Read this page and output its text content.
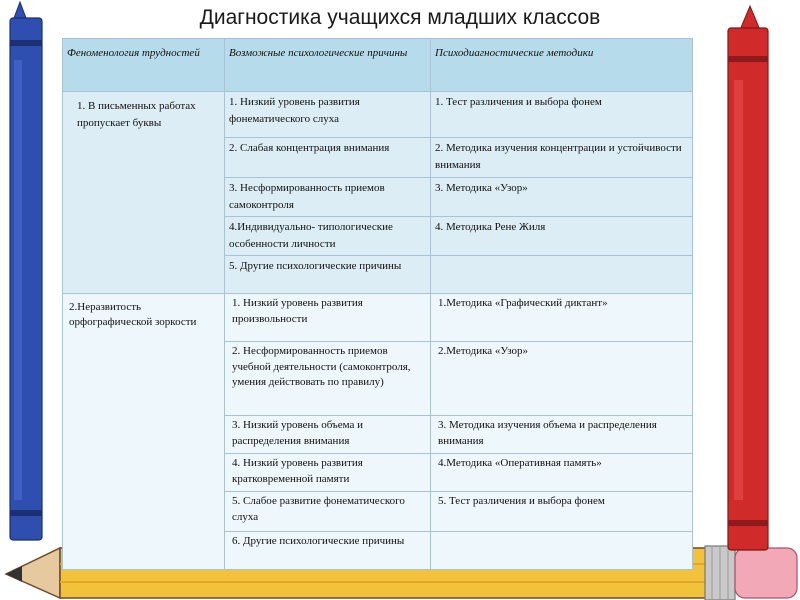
Диагностика учащихся младших классов
Феноменология трудностей	Возможные психологические причины	Психодиагностические методики
1. В письменных работах пропускает буквы	1. Низкий уровень развития фонематического слуха	1. Тест различения и выбора фонем
	2. Слабая концентрация внимания	2. Методика изучения концентрации и устойчивости внимания
	3. Несформированность приемов самоконтроля	3. Методика «Узор»
	4.Индивидуально- типологические особенности личности	4. Методика Рене Жиля
	5. Другие психологические причины	
2.Неразвитость орфографической зоркости	1. Низкий уровень развития произвольности	1.Методика «Графический диктант»
	2. Несформированность приемов учебной деятельности (самоконтроля, умения действовать по правилу)	2.Методика «Узор»
	3. Низкий уровень объема и распределения внимания	3. Методика изучения объема и распределения внимания
	4. Низкий уровень развития кратковременной памяти	4.Методика «Оперативная память»
	5. Слабое развитие фонематического слуха	5. Тест различения и выбора фонем
	6. Другие психологические причины	
